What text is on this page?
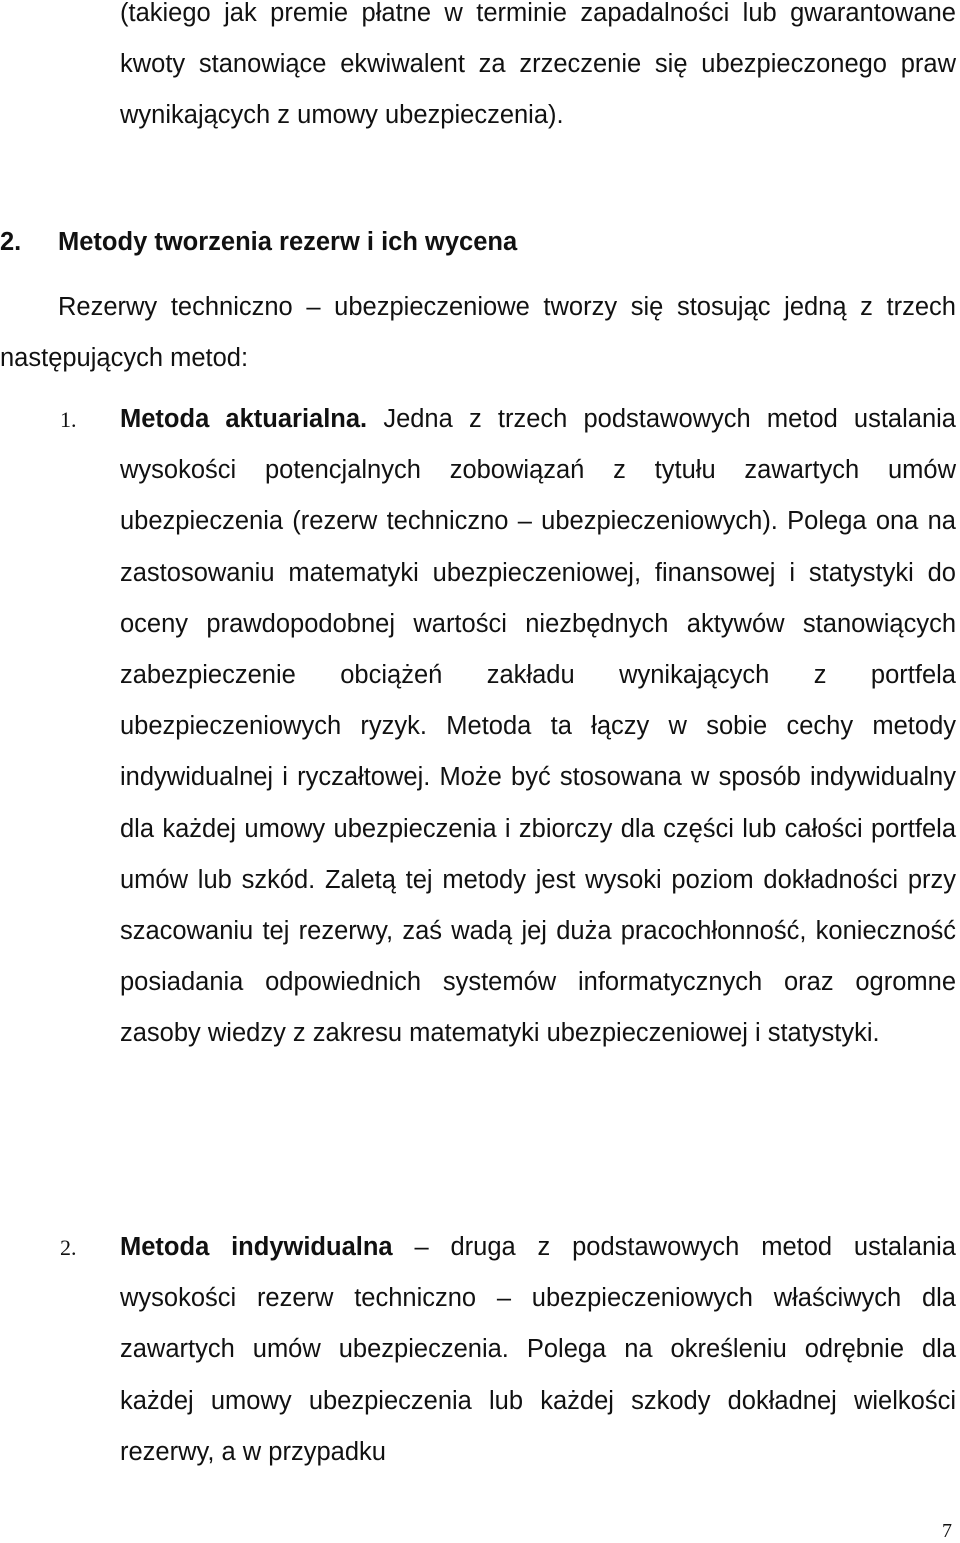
(takiego jak premie płatne w terminie zapadalności lub gwarantowane kwoty stanowiące ekwiwalent za zrzeczenie się ubezpieczonego praw wynikających z umowy ubezpieczenia).
2. Metody tworzenia rezerw i ich wycena
Rezerwy techniczno – ubezpieczeniowe tworzy się stosując jedną z trzech następujących metod:
1. Metoda aktuarialna. Jedna z trzech podstawowych metod ustalania wysokości potencjalnych zobowiązań z tytułu zawartych umów ubezpieczenia (rezerw techniczno – ubezpieczeniowych). Polega ona na zastosowaniu matematyki ubezpieczeniowej, finansowej i statystyki do oceny prawdopodobnej wartości niezbędnych aktywów stanowiących zabezpieczenie obciążeń zakładu wynikających z portfela ubezpieczeniowych ryzyk. Metoda ta łączy w sobie cechy metody indywidualnej i ryczałtowej. Może być stosowana w sposób indywidualny dla każdej umowy ubezpieczenia i zbiorczy dla części lub całości portfela umów lub szkód. Zaletą tej metody jest wysoki poziom dokładności przy szacowaniu tej rezerwy, zaś wadą jej duża pracochłonność, konieczność posiadania odpowiednich systemów informatycznych oraz ogromne zasoby wiedzy z zakresu matematyki ubezpieczeniowej i statystyki.
2. Metoda indywidualna – druga z podstawowych metod ustalania wysokości rezerw techniczno – ubezpieczeniowych właściwych dla zawartych umów ubezpieczenia. Polega na określeniu odrębnie dla każdej umowy ubezpieczenia lub każdej szkody dokładnej wielkości rezerwy, a w przypadku
7
